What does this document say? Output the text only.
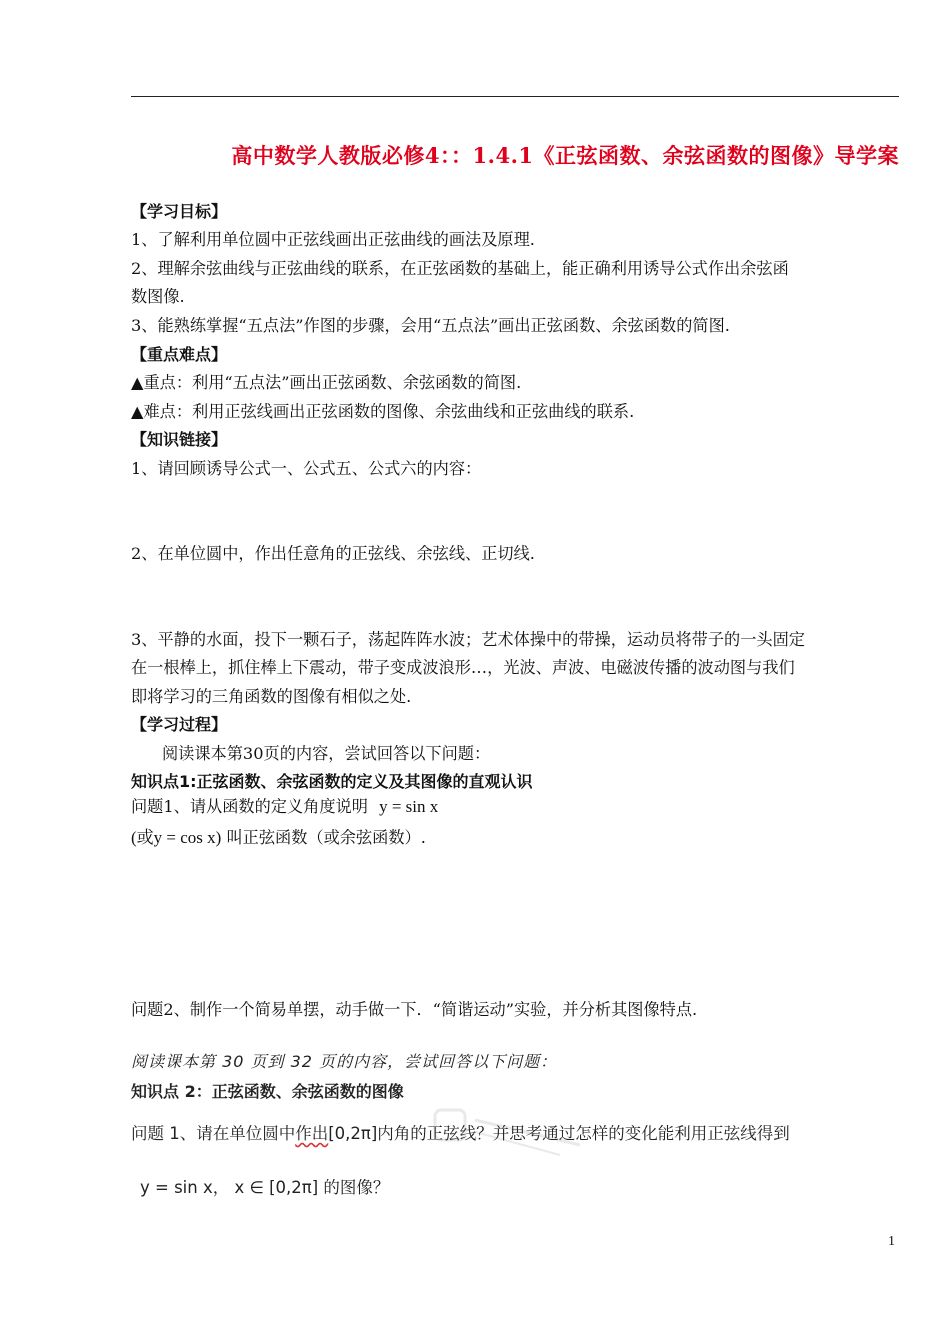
高中数学人教版必修4：：1.4.1《正弦函数、余弦函数的图像》导学案
【学习目标】
1、了解利用单位圆中正弦线画出正弦曲线的画法及原理.
2、理解余弦曲线与正弦曲线的联系，在正弦函数的基础上，能正确利用诱导公式作出余弦函
数图像.
3、能熟练掌握“五点法”作图的步骤，会用“五点法”画出正弦函数、余弦函数的简图.
【重点难点】
▲重点：利用“五点法”画出正弦函数、余弦函数的简图.
▲难点：利用正弦线画出正弦函数的图像、余弦曲线和正弦曲线的联系.
【知识链接】
1、请回顾诱导公式一、公式五、公式六的内容：
2、在单位圆中，作出任意角的正弦线、余弦线、正切线.
3、平静的水面，投下一颗石子，荡起阵阵水波；艺术体操中的带操，运动员将带子的一头固定
在一根棒上，抓住棒上下震动，带子变成波浪形…，光波、声波、电磁波传播的波动图与我们
即将学习的三角函数的图像有相似之处.
【学习过程】
阅读课本第30页的内容，尝试回答以下问题：
知识点1:正弦函数、余弦函数的定义及其图像的直观认识
问题1、请从函数的定义角度说明 y = sin x
(或y = cos x) 叫正弦函数（或余弦函数）.
问题2、制作一个简易单摆，动手做一下．“简谐运动”实验，并分析其图像特点.
阅读课本第 30 页到 32 页的内容，尝试回答以下问题：
知识点 2：正弦函数、余弦函数的图像
问题 1、请在单位圆中作出[0,2π]内角的正弦线？并思考通过怎样的变化能利用正弦线得到
y = sin x， x ∈ [0,2π] 的图像？
1
